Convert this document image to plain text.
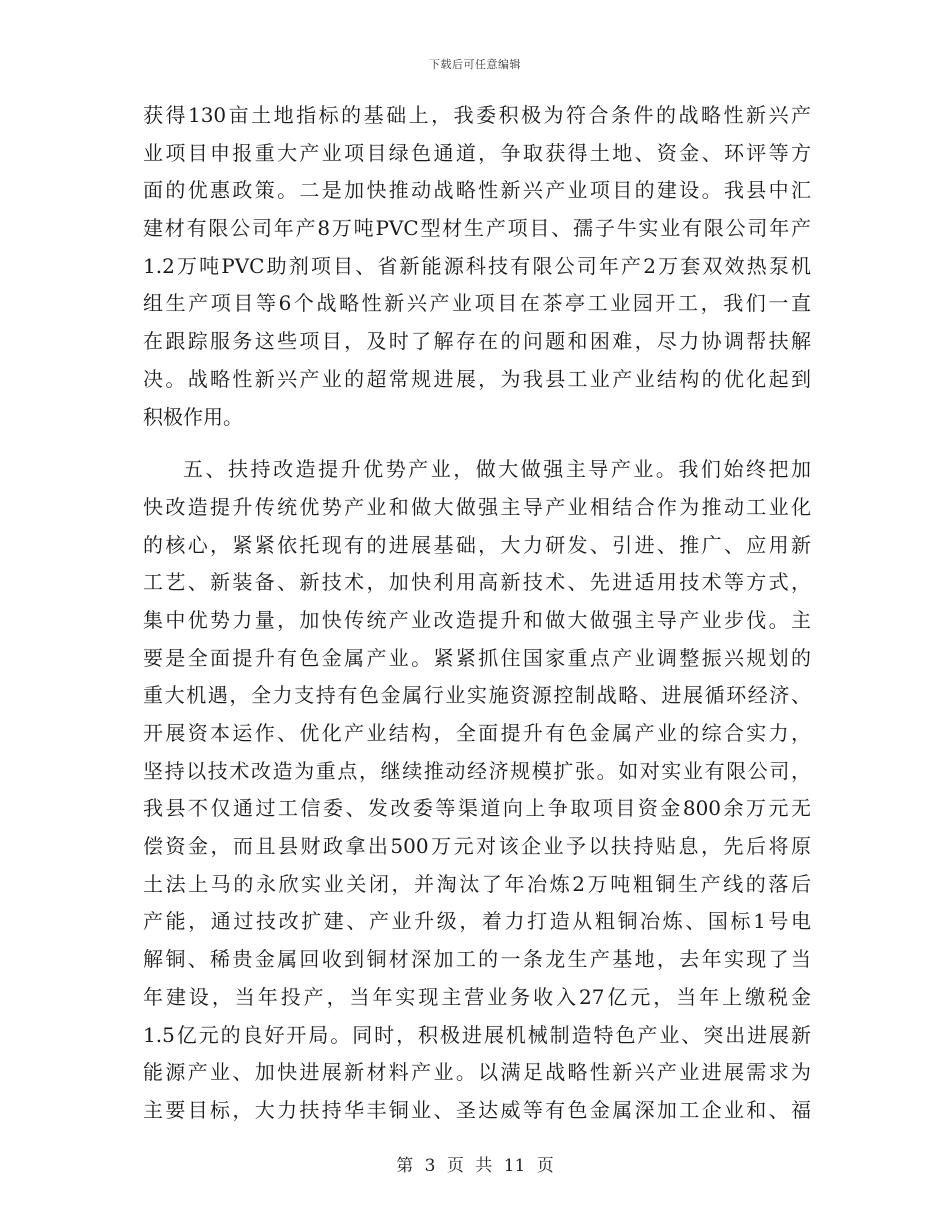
下载后可任意编辑
获得130亩土地指标的基础上，我委积极为符合条件的战略性新兴产
业项目申报重大产业项目绿色通道，争取获得土地、资金、环评等方
面的优惠政策。二是加快推动战略性新兴产业项目的建设。我县中汇
建材有限公司年产8万吨PVC型材生产项目、孺子牛实业有限公司年产
1.2万吨PVC助剂项目、省新能源科技有限公司年产2万套双效热泵机
组生产项目等6个战略性新兴产业项目在茶亭工业园开工，我们一直
在跟踪服务这些项目，及时了解存在的问题和困难，尽力协调帮扶解
决。战略性新兴产业的超常规进展，为我县工业产业结构的优化起到
积极作用。
五、扶持改造提升优势产业，做大做强主导产业。我们始终把加
快改造提升传统优势产业和做大做强主导产业相结合作为推动工业化
的核心，紧紧依托现有的进展基础，大力研发、引进、推广、应用新
工艺、新装备、新技术，加快利用高新技术、先进适用技术等方式，
集中优势力量，加快传统产业改造提升和做大做强主导产业步伐。主
要是全面提升有色金属产业。紧紧抓住国家重点产业调整振兴规划的
重大机遇，全力支持有色金属行业实施资源控制战略、进展循环经济、
开展资本运作、优化产业结构，全面提升有色金属产业的综合实力，
坚持以技术改造为重点，继续推动经济规模扩张。如对实业有限公司，
我县不仅通过工信委、发改委等渠道向上争取项目资金800余万元无
偿资金，而且县财政拿出500万元对该企业予以扶持贴息，先后将原
土法上马的永欣实业关闭，并淘汰了年冶炼2万吨粗铜生产线的落后
产能，通过技改扩建、产业升级，着力打造从粗铜冶炼、国标1号电
解铜、稀贵金属回收到铜材深加工的一条龙生产基地，去年实现了当
年建设，当年投产，当年实现主营业务收入27亿元，当年上缴税金
1.5亿元的良好开局。同时，积极进展机械制造特色产业、突出进展新
能源产业、加快进展新材料产业。以满足战略性新兴产业进展需求为
主要目标，大力扶持华丰铜业、圣达威等有色金属深加工企业和、福
第 3 页 共 11 页
